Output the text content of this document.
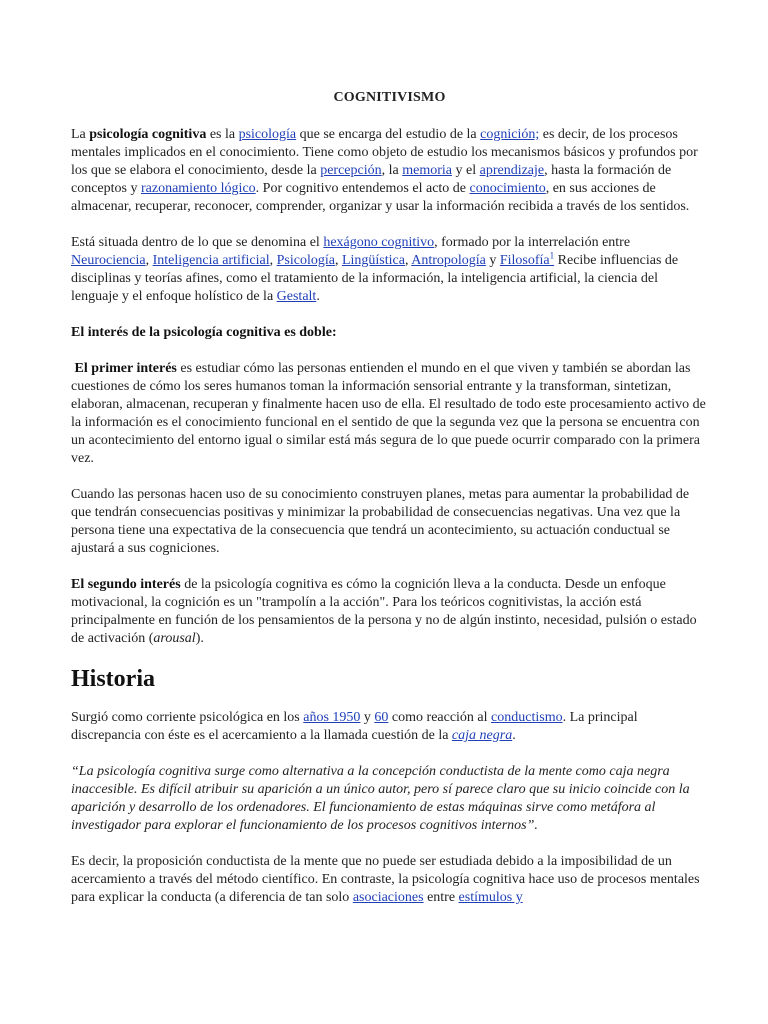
COGNITIVISMO

La psicología cognitiva es la psicología que se encarga del estudio de la cognición; es decir, de los procesos mentales implicados en el conocimiento. Tiene como objeto de estudio los mecanismos básicos y profundos por los que se elabora el conocimiento, desde la percepción, la memoria y el aprendizaje, hasta la formación de conceptos y razonamiento lógico. Por cognitivo entendemos el acto de conocimiento, en sus acciones de almacenar, recuperar, reconocer, comprender, organizar y usar la información recibida a través de los sentidos.

Está situada dentro de lo que se denomina el hexágono cognitivo, formado por la interrelación entre Neurociencia, Inteligencia artificial, Psicología, Lingüística, Antropología y Filosofía$^1$ Recibe influencias de disciplinas y teorías afines, como el tratamiento de la información, la inteligencia artificial, la ciencia del lenguaje y el enfoque holístico de la Gestalt.

El interés de la psicología cognitiva es doble:

El primer interés es estudiar cómo las personas entienden el mundo en el que viven y también se abordan las cuestiones de cómo los seres humanos toman la información sensorial entrante y la transforman, sintetizan, elaboran, almacenan, recuperan y finalmente hacen uso de ella. El resultado de todo este procesamiento activo de la información es el conocimiento funcional en el sentido de que la segunda vez que la persona se encuentra con un acontecimiento del entorno igual o similar está más segura de lo que puede ocurrir comparado con la primera vez.

Cuando las personas hacen uso de su conocimiento construyen planes, metas para aumentar la probabilidad de que tendrán consecuencias positivas y minimizar la probabilidad de consecuencias negativas. Una vez que la persona tiene una expectativa de la consecuencia que tendrá un acontecimiento, su actuación conductual se ajustará a sus cogniciones.

El segundo interés de la psicología cognitiva es cómo la cognición lleva a la conducta. Desde un enfoque motivacional, la cognición es un "trampolín a la acción". Para los teóricos cognitivistas, la acción está principalmente en función de los pensamientos de la persona y no de algún instinto, necesidad, pulsión o estado de activación (arousal).

Historia

Surgió como corriente psicológica en los años 1950 y 60 como reacción al conductismo. La principal discrepancia con éste es el acercamiento a la llamada cuestión de la caja negra.

“La psicología cognitiva surge como alternativa a la concepción conductista de la mente como caja negra inaccesible. Es difícil atribuir su aparición a un único autor, pero sí parece claro que su inicio coincide con la aparición y desarrollo de los ordenadores. El funcionamiento de estas máquinas sirve como metáfora al investigador para explorar el funcionamiento de los procesos cognitivos internos”.

Es decir, la proposición conductista de la mente que no puede ser estudiada debido a la imposibilidad de un acercamiento a través del método científico. En contraste, la psicología cognitiva hace uso de procesos mentales para explicar la conducta (a diferencia de tan solo asociaciones entre estímulos y
